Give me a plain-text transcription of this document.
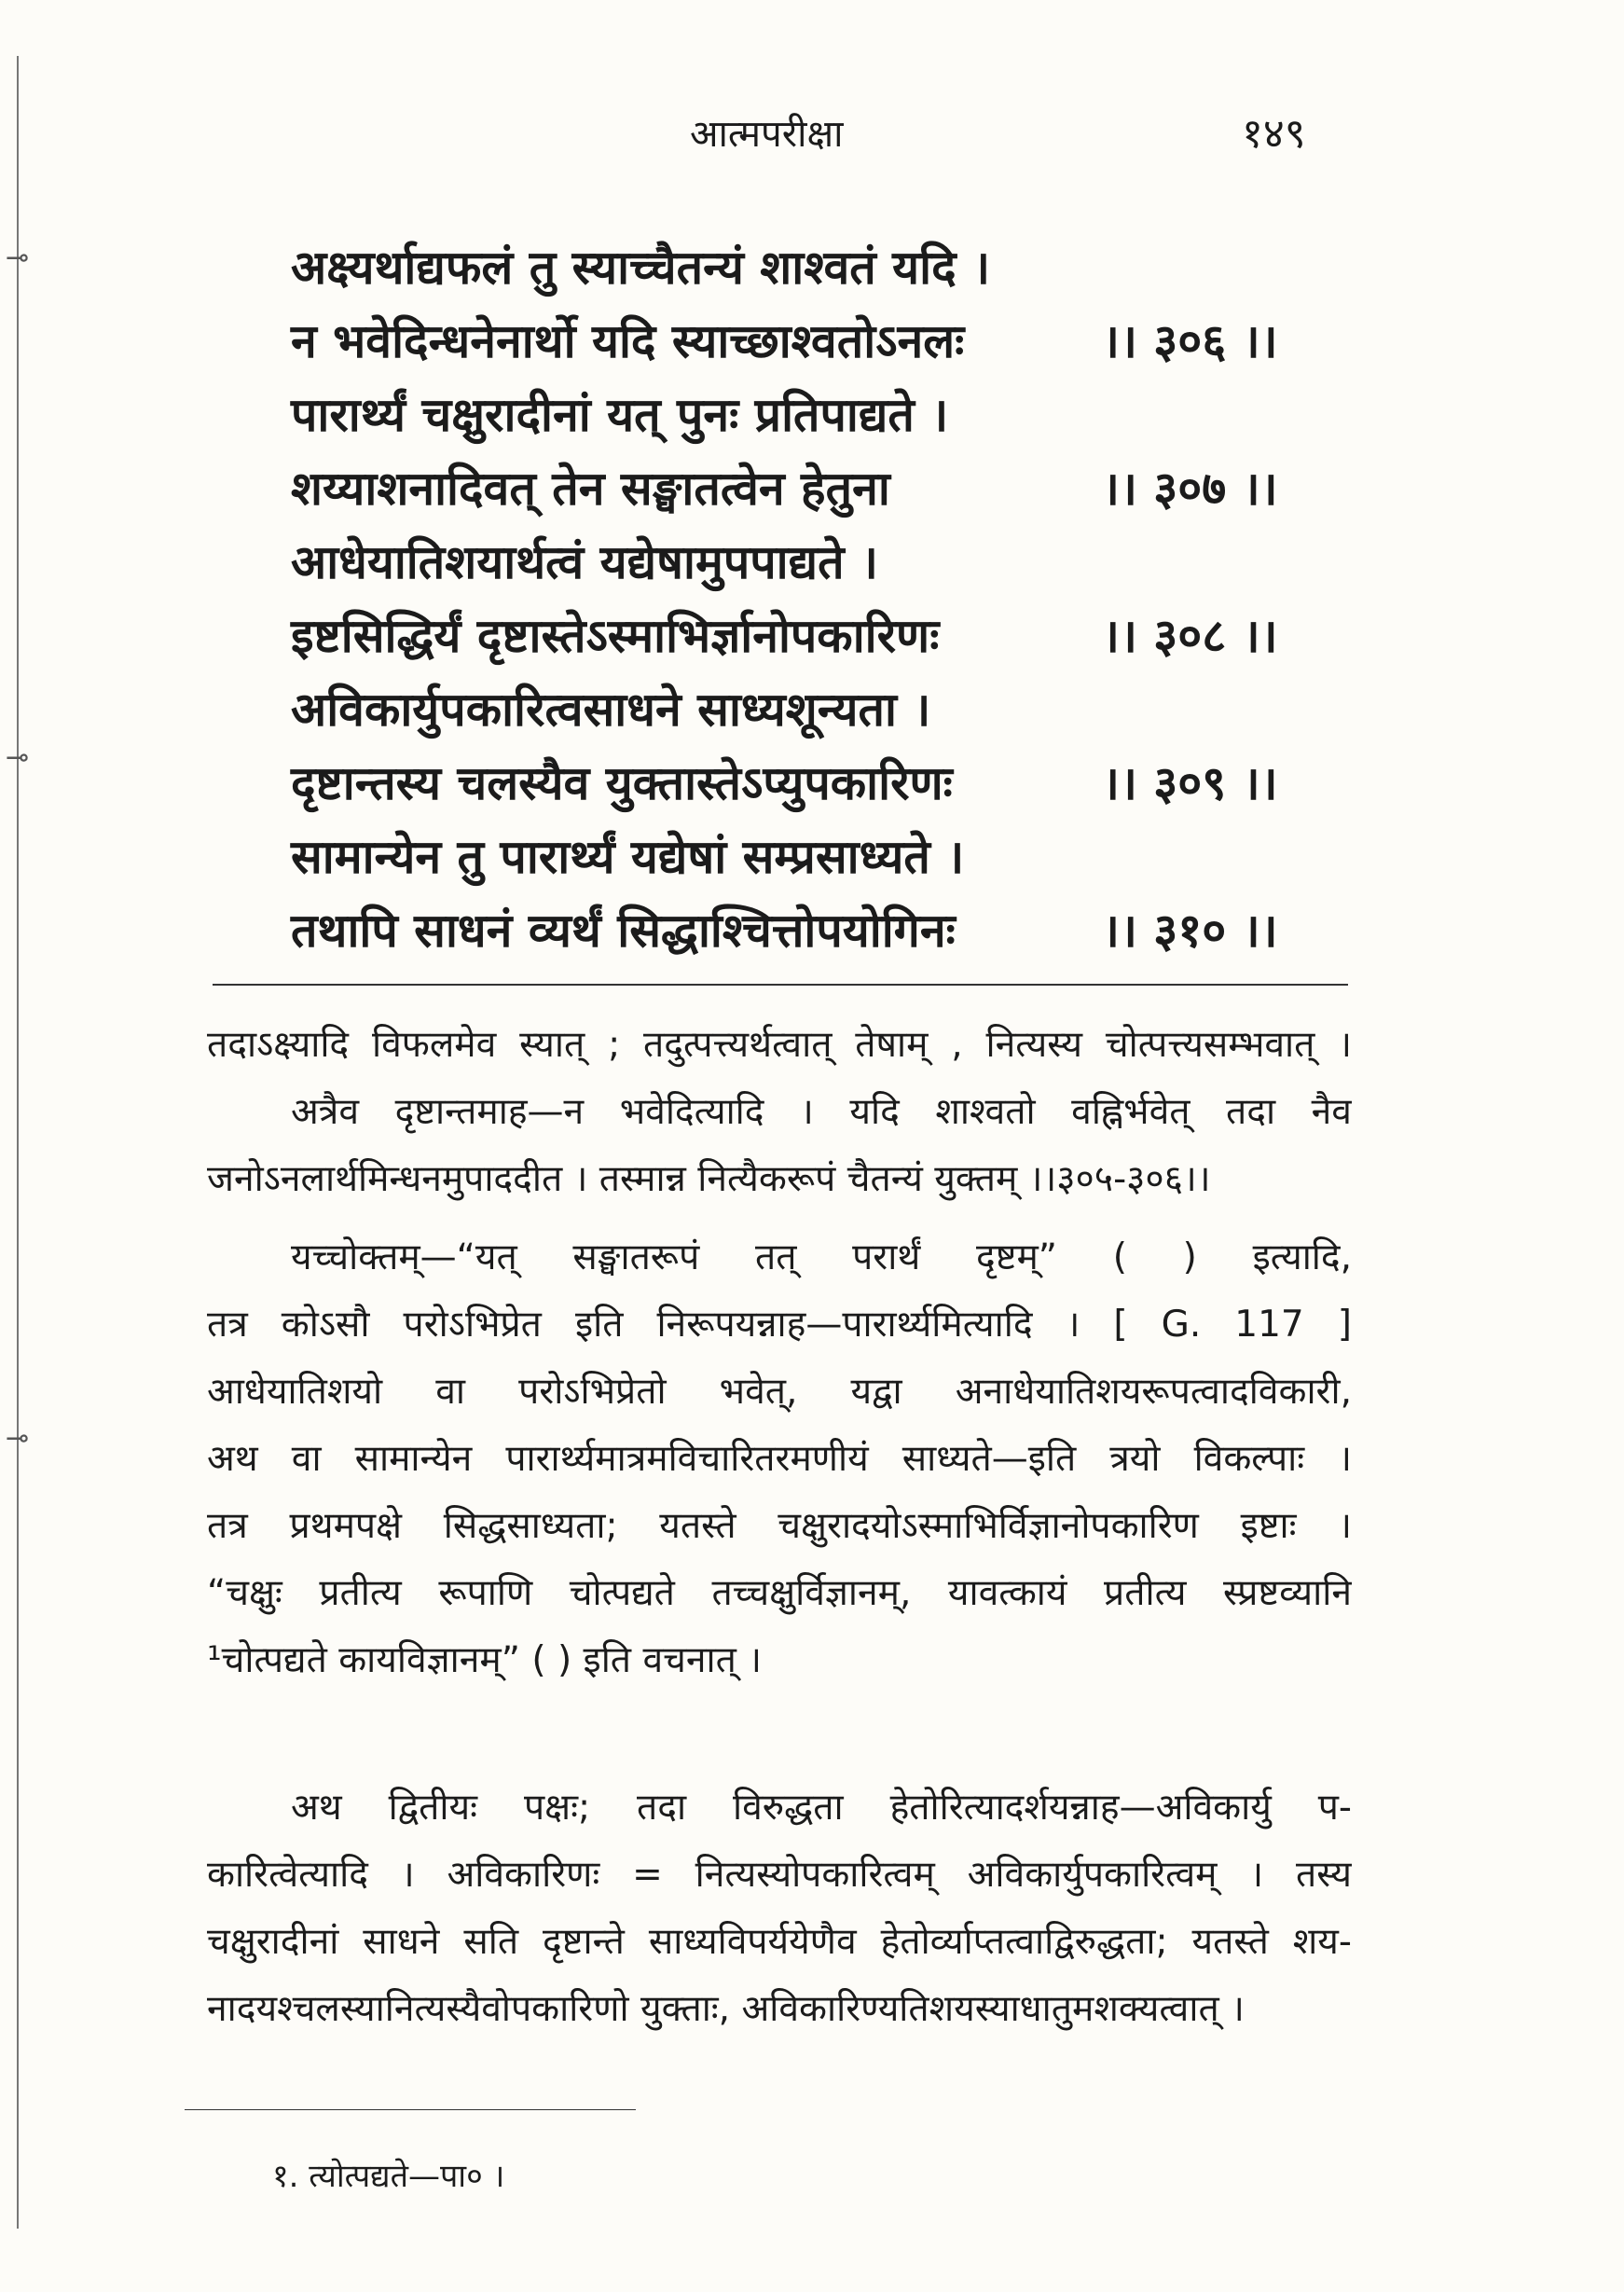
⊸
⊸
⊸
आत्मपरीक्षा	१४९
अक्ष्यर्थाद्यफलं तु स्याच्चैतन्यं शाश्वतं यदि ।
न भवेदिन्धनेनार्थो यदि स्याच्छाश्वतोऽनलः	।। ३०६ ।।
पारार्थ्यं चक्षुरादीनां यत् पुनः प्रतिपाद्यते ।
शय्याशनादिवत् तेन सङ्घातत्वेन हेतुना	।। ३०७ ।।
आधेयातिशयार्थत्वं यद्येषामुपपाद्यते ।
इष्टसिद्धिर्यं दृष्टास्तेऽस्माभिर्ज्ञानोपकारिणः	।। ३०८ ।।
अविकार्युपकारित्वसाधने साध्यशून्यता ।
दृष्टान्तस्य चलस्यैव युक्तास्तेऽप्युपकारिणः	।। ३०९ ।।
सामान्येन तु पारार्थ्यं यद्येषां सम्प्रसाध्यते ।
तथापि साधनं व्यर्थं सिद्धाश्चित्तोपयोगिनः	।। ३१० ।।
तदाऽक्ष्यादि विफलमेव स्यात् ; तदुत्पत्त्यर्थत्वात् तेषाम् , नित्यस्य चोत्पत्त्यसम्भवात् ।
अत्रैव दृष्टान्तमाह—न भवेदित्यादि । यदि शाश्वतो वह्निर्भवेत् तदा नैव
जनोऽनलार्थमिन्धनमुपाददीत । तस्मान्न नित्यैकरूपं चैतन्यं युक्तम् ।।३०५-३०६।।
यच्चोक्तम्—“यत् सङ्घातरूपं तत् परार्थं दृष्टम्” ( ) इत्यादि,
तत्र कोऽसौ परोऽभिप्रेत इति निरूपयन्नाह—पारार्थ्यमित्यादि । [ G. 117 ]
आधेयातिशयो वा परोऽभिप्रेतो भवेत्, यद्वा अनाधेयातिशयरूपत्वादविकारी,
अथ वा सामान्येन पारार्थ्यमात्रमविचारितरमणीयं साध्यते—इति त्रयो विकल्पाः ।
तत्र प्रथमपक्षे सिद्धसाध्यता; यतस्ते चक्षुरादयोऽस्माभिर्विज्ञानोपकारिण इष्टाः ।
“चक्षुः प्रतीत्य रूपाणि चोत्पद्यते तच्चक्षुर्विज्ञानम्, यावत्कायं प्रतीत्य स्प्रष्टव्यानि
¹चोत्पद्यते कायविज्ञानम्” ( ) इति वचनात् ।
अथ द्वितीयः पक्षः; तदा विरुद्धता हेतोरित्यादर्शयन्नाह—अविकार्यु प-
कारित्वेत्यादि । अविकारिणः = नित्यस्योपकारित्वम् अविकार्युपकारित्वम् । तस्य
चक्षुरादीनां साधने सति दृष्टान्ते साध्यविपर्ययेणैव हेतोर्व्याप्तत्वाद्विरुद्धता; यतस्ते शय-
नादयश्चलस्यानित्यस्यैवोपकारिणो युक्ताः, अविकारिण्यतिशयस्याधातुमशक्यत्वात् ।
१. त्योत्पद्यते—पा० ।
